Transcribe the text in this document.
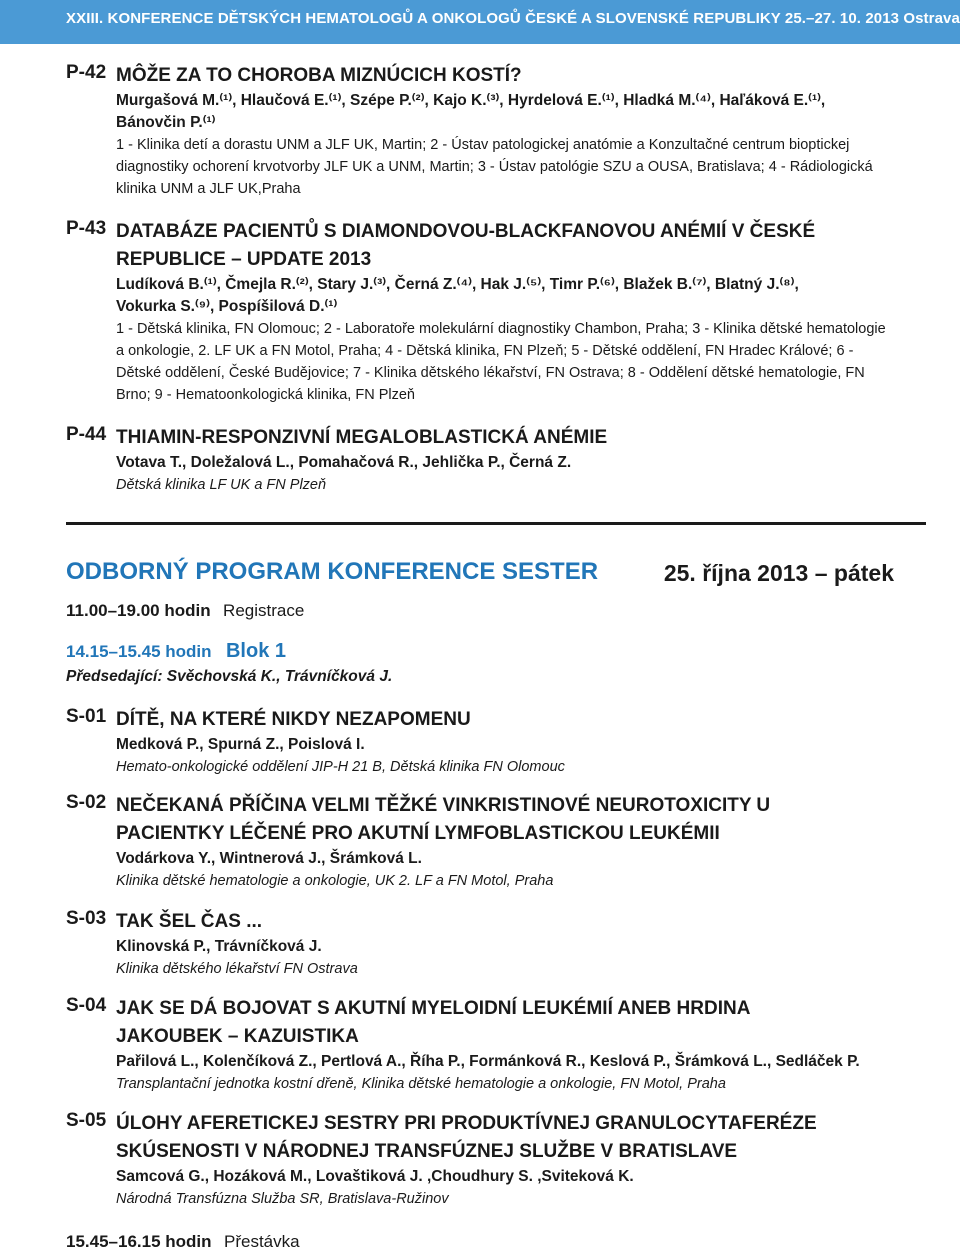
XXIII. KONFERENCE DĚTSKÝCH HEMATOLOGŮ A ONKOLOGŮ ČESKÉ A SLOVENSKÉ REPUBLIKY 25.–27. 10. 2013 Ostrava
P-42 MÔŽE ZA TO CHOROBA MIZNÚCICH KOSTÍ?
Murgašová M.⁽¹⁾, Hlaučová E.⁽¹⁾, Szépe P.⁽²⁾, Kajo K.⁽³⁾, Hyrdelová E.⁽¹⁾, Hladká M.⁽⁴⁾, Haľáková E.⁽¹⁾, Bánovčin P.⁽¹⁾
1 - Klinika detí a dorastu UNM a JLF UK, Martin; 2 - Ústav patologickej anatómie a Konzultačné centrum bioptickej diagnostiky ochorení krvotvorby JLF UK a UNM, Martin; 3 - Ústav patológie SZU a OUSA, Bratislava; 4 - Rádiologická klinika UNM a JLF UK,Praha
P-43 DATABÁZE PACIENTŮ S DIAMONDOVOU-BLACKFANOVOU ANÉMIÍ V ČESKÉ REPUBLICE – UPDATE 2013
Ludíková B.⁽¹⁾, Čmejla R.⁽²⁾, Stary J.⁽³⁾, Černá Z.⁽⁴⁾, Hak J.⁽⁵⁾, Timr P.⁽⁶⁾, Blažek B.⁽⁷⁾, Blatný J.⁽⁸⁾, Vokurka S.⁽⁹⁾, Pospíšilová D.⁽¹⁾
1 - Dětská klinika, FN Olomouc; 2 - Laboratoře molekulární diagnostiky Chambon, Praha; 3 - Klinika dětské hematologie a onkologie, 2. LF UK a FN Motol, Praha; 4 - Dětská klinika, FN Plzeň; 5 - Dětské oddělení, FN Hradec Králové; 6 - Dětské oddělení, České Budějovice; 7 - Klinika dětského lékařství, FN Ostrava; 8 - Oddělení dětské hematologie, FN Brno; 9 - Hematoonkologická klinika, FN Plzeň
P-44 THIAMIN-RESPONZIVNÍ MEGALOBLASTICKÁ ANÉMIE
Votava T., Doležalová L., Pomahačová R., Jehlička P., Černá Z.
Dětská klinika LF UK a FN Plzeň
ODBORNÝ PROGRAM KONFERENCE SESTER	25. října 2013 – pátek
11.00–19.00 hodin Registrace
14.15–15.45 hodin Blok 1
Předsedající: Svěchovská K., Trávníčková J.
S-01 DÍTĚ, NA KTERÉ NIKDY NEZAPOMENU
Medková P., Spurná Z., Poislová I.
Hemato-onkologické oddělení JIP-H 21 B, Dětská klinika FN Olomouc
S-02 NEČEKANÁ PŘÍČINA VELMI TĚŽKÉ VINKRISTINOVÉ NEUROTOXICITY U PACIENTKY LÉČENÉ PRO AKUTNÍ LYMFOBLASTICKOU LEUKÉMII
Vodárkova Y., Wintnerová J., Šrámková L.
Klinika dětské hematologie a onkologie, UK 2. LF a FN Motol, Praha
S-03 TAK ŠEL ČAS ...
Klinovská P., Trávníčková J.
Klinika dětského lékařství FN Ostrava
S-04 JAK SE DÁ BOJOVAT S AKUTNÍ MYELOIDNÍ LEUKÉMIÍ ANEB HRDINA JAKOUBEK – KAZUISTIKA
Pařilová L., Kolenčíková Z., Pertlová A., Říha P., Formánková R., Keslová P., Šrámková L., Sedláček P.
Transplantační jednotka kostní dřeně, Klinika dětské hematologie a onkologie, FN Motol, Praha
S-05 ÚLOHY AFERETICKEJ SESTRY PRI PRODUKTÍVNEJ GRANULOCYTAFERÉZE SKÚSENOSTI V NÁRODNEJ TRANSFÚZNEJ SLUŽBE V BRATISLAVE
Samcová G., Hozáková M., Lovaštiková J. ,Choudhury S. ,Sviteková K.
Národná Transfúzna Služba SR, Bratislava-Ružinov
15.45–16.15 hodin Přestávka
